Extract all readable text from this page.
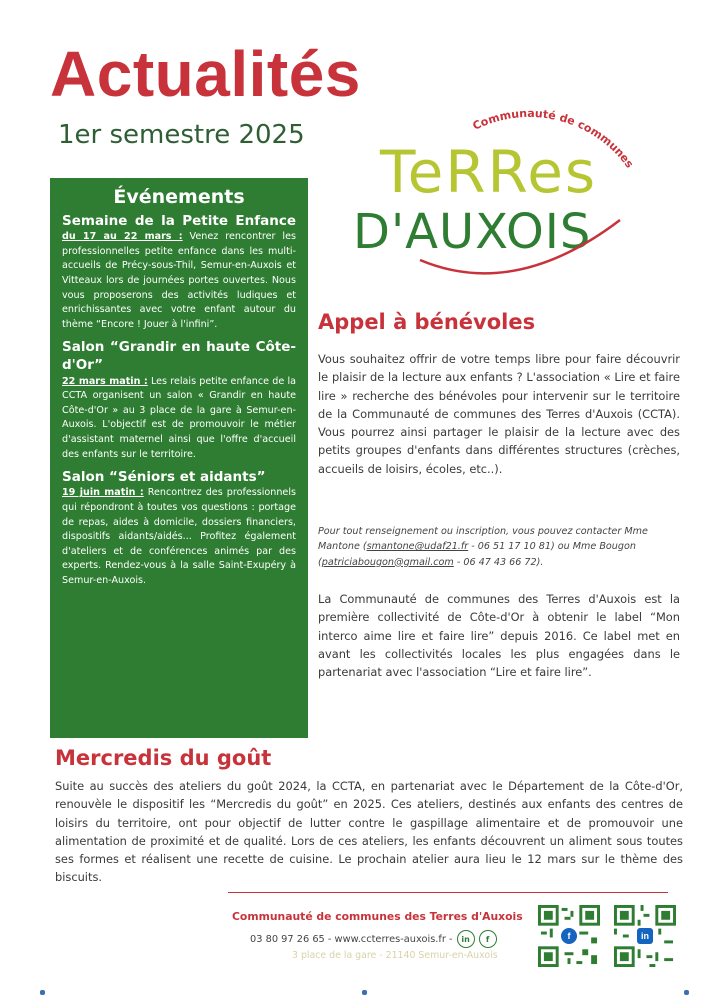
Actualités
1er semestre 2025	Communauté de communes
TeRRes
D'AUXOIS
Événements
Semaine de la Petite Enfance

du 17 au 22 mars : Venez rencontrer les professionnelles petite enfance dans les multi-accueils de Précy-sous-Thil, Semur-en-Auxois et Vitteaux lors de journées portes ouvertes. Nous vous proposerons des activités ludiques et enrichissantes avec votre enfant autour du thème “Encore ! Jouer à l'infini”.

Salon “Grandir en haute Côte-d'Or”

22 mars matin : Les relais petite enfance de la CCTA organisent un salon « Grandir en haute Côte-d'Or » au 3 place de la gare à Semur-en-Auxois. L'objectif est de promouvoir le métier d'assistant maternel ainsi que l'offre d'accueil des enfants sur le territoire.

Salon “Séniors et aidants”

19 juin matin : Rencontrez des professionnels qui répondront à toutes vos questions : portage de repas, aides à domicile, dossiers financiers, dispositifs aidants/aidés... Profitez également d'ateliers et de conférences animés par des experts. Rendez-vous à la salle Saint-Exupéry à Semur-en-Auxois.

Appel à bénévoles
Vous souhaitez offrir de votre temps libre pour faire découvrir le plaisir de la lecture aux enfants ? L'association « Lire et faire lire » recherche des bénévoles pour intervenir sur le territoire de la Communauté de communes des Terres d'Auxois (CCTA). Vous pourrez ainsi partager le plaisir de la lecture avec des petits groupes d'enfants dans différentes structures (crèches, accueils de loisirs, écoles, etc..).
Pour tout renseignement ou inscription, vous pouvez contacter Mme Mantone (smantone@udaf21.fr - 06 51 17 10 81) ou Mme Bougon (patriciabougon@gmail.com - 06 47 43 66 72).
La Communauté de communes des Terres d'Auxois est la première collectivité de Côte-d'Or à obtenir le label “Mon interco aime lire et faire lire” depuis 2016. Ce label met en avant les collectivités locales les plus engagées dans le partenariat avec l'association “Lire et faire lire”.
Mercredis du goût
Suite au succès des ateliers du goût 2024, la CCTA, en partenariat avec le Département de la Côte-d'Or, renouvèle le dispositif les “Mercredis du goût” en 2025. Ces ateliers, destinés aux enfants des centres de loisirs du territoire, ont pour objectif de lutter contre le gaspillage alimentaire et de promouvoir une alimentation de proximité et de qualité. Lors de ces ateliers, les enfants découvrent un aliment sous toutes ses formes et réalisent une recette de cuisine. Le prochain atelier aura lieu le 12 mars sur le thème des biscuits.
Communauté de communes des Terres d'Auxois
03 80 97 26 65 - www.ccterres-auxois.fr -	in	f
3 place de la gare - 21140 Semur-en-Auxois
f	in
